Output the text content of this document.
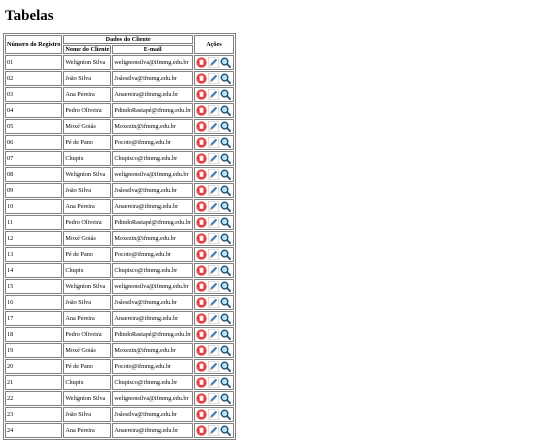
Tabelas
Número do Registro	Dados do Cliente		Ações
	Nome do Cliente	E-mail	
01	Welignton Silva	welignonsilva@ifmmg.edu.br	
02	João Silva	Joãosilva@ifmmg.edu.br	
03	Ana Pereira	Anaereira@ifmmg.edu.br	
04	Pedro Oliveira	PdindoRastapé@ifmmg.edu.br	
05	Moxé Goiás	Moxezin@ifmmg.edu.br	
06	Pé de Pano	Pocoto@ifmmg.edu.br	
07	Chupix	Chupisco@ifmmg.edu.br	
08	Welignton Silva	welignonsilva@ifmmg.edu.br	
09	João Silva	Joãosilva@ifmmg.edu.br	
10	Ana Pereira	Anaereira@ifmmg.edu.br	
11	Pedro Oliveira	PdindoRastapé@ifmmg.edu.br	
12	Moxé Goiás	Moxezin@ifmmg.edu.br	
13	Pé de Pano	Pocoto@ifmmg.edu.br	
14	Chupix	Chupisco@ifmmg.edu.br	
15	Welignton Silva	welignonsilva@ifmmg.edu.br	
16	João Silva	Joãosilva@ifmmg.edu.br	
17	Ana Pereira	Anaereira@ifmmg.edu.br	
18	Pedro Oliveira	PdindoRastapé@ifmmg.edu.br	
19	Moxé Goiás	Moxezin@ifmmg.edu.br	
20	Pé de Pano	Pocoto@ifmmg.edu.br	
21	Chupix	Chupisco@ifmmg.edu.br	
22	Welignton Silva	welignonsilva@ifmmg.edu.br	
23	João Silva	Joãosilva@ifmmg.edu.br	
24	Ana Pereira	Anaereira@ifmmg.edu.br	
